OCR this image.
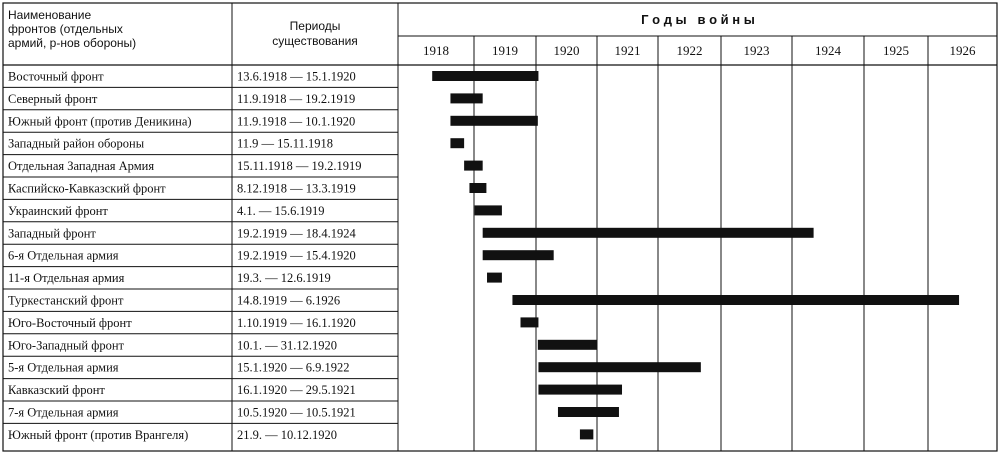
Наименование
фронтов (отдельных
армий, р-нов обороны)
Периоды
существования
Г о д ы   в о й н ы
1918	1919	1920	1921	1922	1923	1924	1925	1926
Восточный фронт	13.6.1918 — 15.1.1920
Северный фронт	11.9.1918 — 19.2.1919
Южный фронт (против Деникина)	11.9.1918 — 10.1.1920
Западный район обороны	11.9 — 15.11.1918
Отдельная Западная Армия	15.11.1918 — 19.2.1919
Каспийско-Кавказский фронт	8.12.1918 — 13.3.1919
Украинский фронт	4.1. — 15.6.1919
Западный фронт	19.2.1919 — 18.4.1924
6-я Отдельная армия	19.2.1919 — 15.4.1920
11-я Отдельная армия	19.3. — 12.6.1919
Туркестанский фронт	14.8.1919 — 6.1926
Юго-Восточный фронт	1.10.1919 — 16.1.1920
Юго-Западный фронт	10.1. — 31.12.1920
5-я Отдельная армия	15.1.1920 — 6.9.1922
Кавказский фронт	16.1.1920 — 29.5.1921
7-я Отдельная армия	10.5.1920 — 10.5.1921
Южный фронт (против Врангеля)	21.9. — 10.12.1920
